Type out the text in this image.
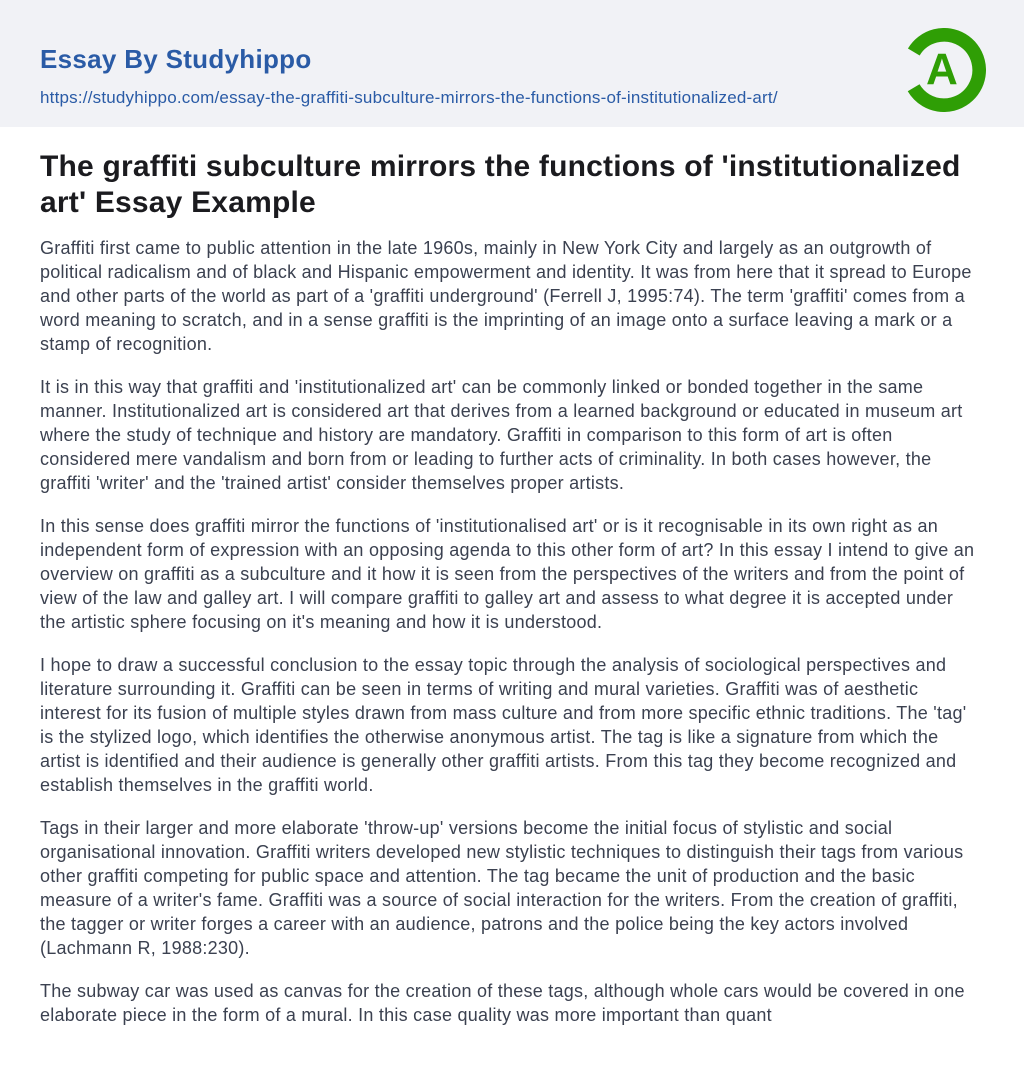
Essay By Studyhippo
https://studyhippo.com/essay-the-graffiti-subculture-mirrors-the-functions-of-institutionalized-art/
A
The graffiti subculture mirrors the functions of 'institutionalized art' Essay Example

Graffiti first came to public attention in the late 1960s, mainly in New York City and largely as an outgrowth of political radicalism and of black and Hispanic empowerment and identity. It was from here that it spread to Europe and other parts of the world as part of a 'graffiti underground' (Ferrell J, 1995:74). The term 'graffiti' comes from a word meaning to scratch, and in a sense graffiti is the imprinting of an image onto a surface leaving a mark or a stamp of recognition.

It is in this way that graffiti and 'institutionalized art' can be commonly linked or bonded together in the same manner. Institutionalized art is considered art that derives from a learned background or educated in museum art where the study of technique and history are mandatory. Graffiti in comparison to this form of art is often considered mere vandalism and born from or leading to further acts of criminality. In both cases however, the graffiti 'writer' and the 'trained artist' consider themselves proper artists.

In this sense does graffiti mirror the functions of 'institutionalised art' or is it recognisable in its own right as an independent form of expression with an opposing agenda to this other form of art? In this essay I intend to give an overview on graffiti as a subculture and it how it is seen from the perspectives of the writers and from the point of view of the law and galley art. I will compare graffiti to galley art and assess to what degree it is accepted under the artistic sphere focusing on it's meaning and how it is understood.

I hope to draw a successful conclusion to the essay topic through the analysis of sociological perspectives and literature surrounding it. Graffiti can be seen in terms of writing and mural varieties. Graffiti was of aesthetic interest for its fusion of multiple styles drawn from mass culture and from more specific ethnic traditions. The 'tag' is the stylized logo, which identifies the otherwise anonymous artist. The tag is like a signature from which the artist is identified and their audience is generally other graffiti artists. From this tag they become recognized and establish themselves in the graffiti world.

Tags in their larger and more elaborate 'throw-up' versions become the initial focus of stylistic and social organisational innovation. Graffiti writers developed new stylistic techniques to distinguish their tags from various other graffiti competing for public space and attention. The tag became the unit of production and the basic measure of a writer's fame. Graffiti was a source of social interaction for the writers. From the creation of graffiti, the tagger or writer forges a career with an audience, patrons and the police being the key actors involved (Lachmann R, 1988:230).

The subway car was used as canvas for the creation of these tags, although whole cars would be covered in one elaborate piece in the form of a mural. In this case quality was more important than quant
